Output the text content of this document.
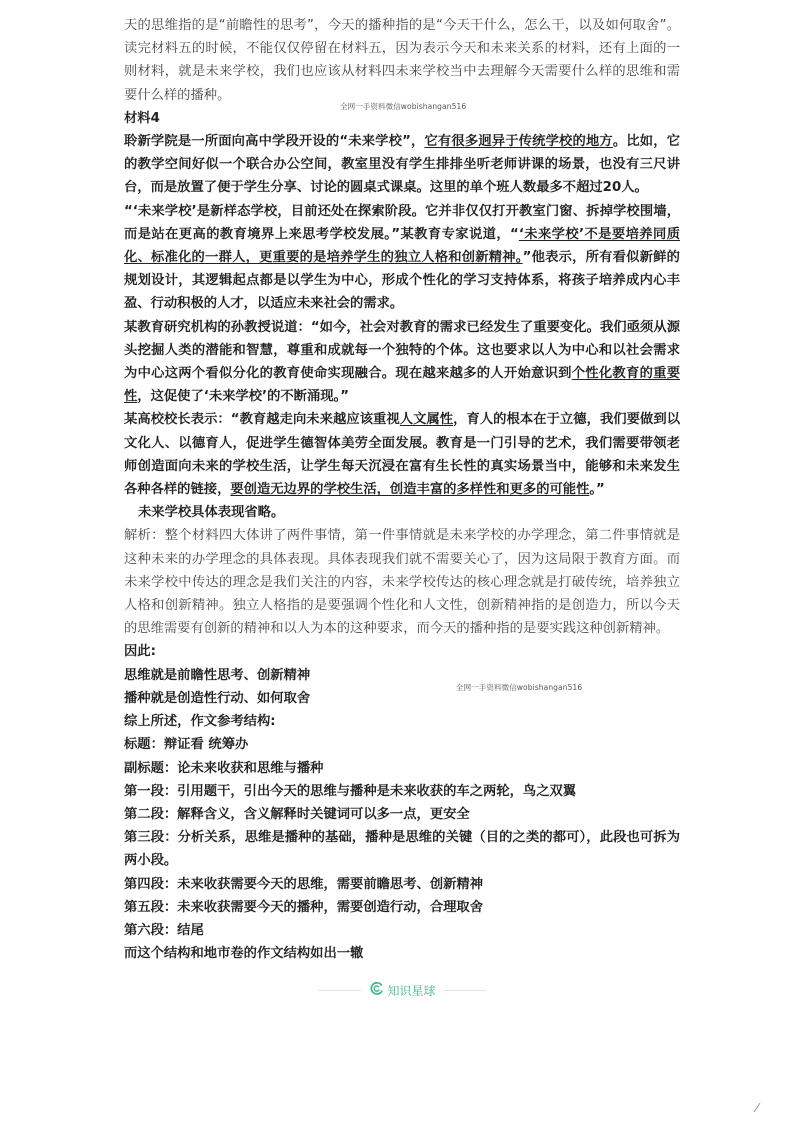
天的思维指的是“前瞻性的思考”，今天的播种指的是“今天干什么，怎么干，以及如何取舍”。读完材料五的时候，不能仅仅停留在材料五，因为表示今天和未来关系的材料，还有上面的一则材料，就是未来学校，我们也应该从材料四未来学校当中去理解今天需要什么样的思维和需要什么样的播种。

材料4

聆新学院是一所面向高中学段开设的“未来学校”，它有很多迥异于传统学校的地方。比如，它的教学空间好似一个联合办公空间，教室里没有学生排排坐听老师讲课的场景，也没有三尺讲台，而是放置了便于学生分享、讨论的圆桌式课桌。这里的单个班人数最多不超过20人。

“‘未来学校’是新样态学校，目前还处在探索阶段。它并非仅仅打开教室门窗、拆掉学校围墙，而是站在更高的教育境界上来思考学校发展。”某教育专家说道，“‘未来学校’不是要培养同质化、标准化的一群人，更重要的是培养学生的独立人格和创新精神。”他表示，所有看似新鲜的规划设计，其逻辑起点都是以学生为中心，形成个性化的学习支持体系，将孩子培养成内心丰盈、行动积极的人才，以适应未来社会的需求。

某教育研究机构的孙教授说道：“如今，社会对教育的需求已经发生了重要变化。我们亟须从源头挖掘人类的潜能和智慧，尊重和成就每一个独特的个体。这也要求以人为中心和以社会需求为中心这两个看似分化的教育使命实现融合。现在越来越多的人开始意识到个性化教育的重要性，这促使了‘未来学校’的不断涌现。”

某高校校长表示：“教育越走向未来越应该重视人文属性，育人的根本在于立德，我们要做到以文化人、以德育人，促进学生德智体美劳全面发展。教育是一门引导的艺术，我们需要带领老师创造面向未来的学校生活，让学生每天沉浸在富有生长性的真实场景当中，能够和未来发生各种各样的链接，要创造无边界的学校生活，创造丰富的多样性和更多的可能性。”

未来学校具体表现省略。

解析：整个材料四大体讲了两件事情，第一件事情就是未来学校的办学理念，第二件事情就是这种未来的办学理念的具体表现。具体表现我们就不需要关心了，因为这局限于教育方面。而未来学校中传达的理念是我们关注的内容，未来学校传达的核心理念就是打破传统，培养独立人格和创新精神。独立人格指的是要强调个性化和人文性，创新精神指的是创造力，所以今天的思维需要有创新的精神和以人为本的这种要求，而今天的播种指的是要实践这种创新精神。

因此:

思维就是前瞻性思考、创新精神

播种就是创造性行动、如何取舍

综上所述，作文参考结构:

标题：辩证看 统筹办

副标题：论未来收获和思维与播种

第一段：引用题干，引出今天的思维与播种是未来收获的车之两轮，鸟之双翼

第二段：解释含义，含义解释时关键词可以多一点，更安全

第三段：分析关系，思维是播种的基础，播种是思维的关键（目的之类的都可），此段也可拆为两小段。

第四段：未来收获需要今天的思维，需要前瞻思考、创新精神

第五段：未来收获需要今天的播种，需要创造行动，合理取舍

第六段：结尾

而这个结构和地市卷的作文结构如出一辙

全网一手资料微信wobishangan516
全网一手资料微信wobishangan516
知识星球
